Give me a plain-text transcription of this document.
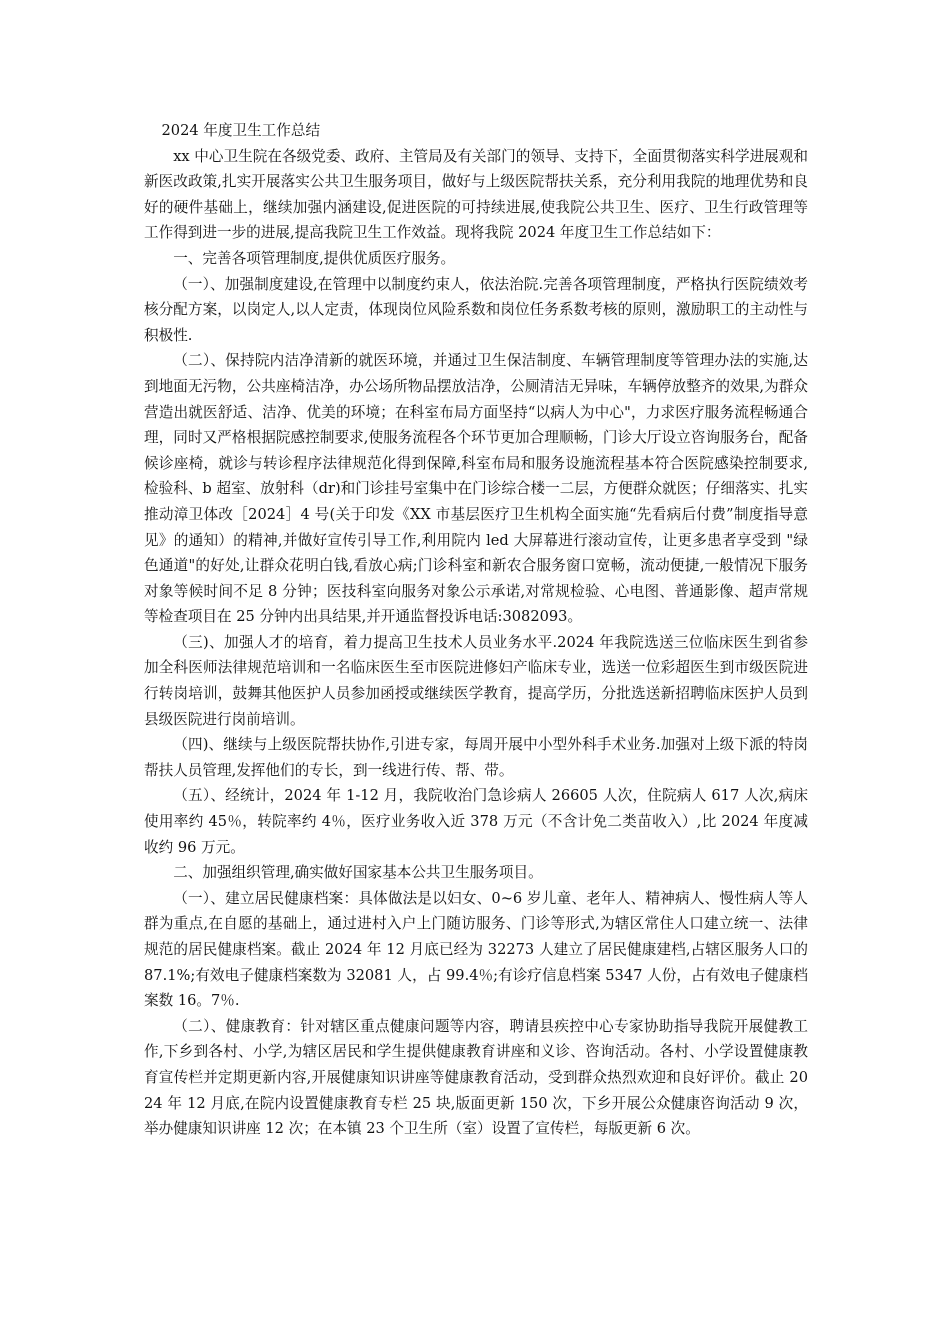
2024 年度卫生工作总结

xx 中心卫生院在各级党委、政府、主管局及有关部门的领导、支持下，全面贯彻落实科学进展观和新医改政策,扎实开展落实公共卫生服务项目，做好与上级医院帮扶关系，充分利用我院的地理优势和良好的硬件基础上，继续加强内涵建设,促进医院的可持续进展,使我院公共卫生、医疗、卫生行政管理等工作得到进一步的进展,提高我院卫生工作效益。现将我院 2024 年度卫生工作总结如下：

一、完善各项管理制度,提供优质医疗服务。

（一）、加强制度建设,在管理中以制度约束人，依法治院.完善各项管理制度，严格执行医院绩效考核分配方案，以岗定人,以人定责，体现岗位风险系数和岗位任务系数考核的原则，激励职工的主动性与积极性.

（二）、保持院内洁净清新的就医环境，并通过卫生保洁制度、车辆管理制度等管理办法的实施,达到地面无污物，公共座椅洁净，办公场所物品摆放洁净，公厕清洁无异味，车辆停放整齐的效果,为群众营造出就医舒适、洁净、优美的环境；在科室布局方面坚持“以病人为中心"，力求医疗服务流程畅通合理，同时又严格根据院感控制要求,使服务流程各个环节更加合理顺畅，门诊大厅设立咨询服务台，配备候诊座椅，就诊与转诊程序法律规范化得到保障,科室布局和服务设施流程基本符合医院感染控制要求,检验科、b 超室、放射科（dr)和门诊挂号室集中在门诊综合楼一二层，方便群众就医；仔细落实、扎实推动漳卫体改［2024］4 号(关于印发《XX 市基层医疗卫生机构全面实施“先看病后付费”制度指导意见》的通知）的精神,并做好宣传引导工作,利用院内 led 大屏幕进行滚动宣传，让更多患者享受到 "绿色通道"的好处,让群众花明白钱,看放心病;门诊科室和新农合服务窗口宽畅，流动便捷,一般情况下服务对象等候时间不足 8 分钟；医技科室向服务对象公示承诺,对常规检验、心电图、普通影像、超声常规等检查项目在 25 分钟内出具结果,并开通监督投诉电话:3082093。

（三)、加强人才的培育，着力提高卫生技术人员业务水平.2024 年我院选送三位临床医生到省参加全科医师法律规范培训和一名临床医生至市医院进修妇产临床专业，选送一位彩超医生到市级医院进行转岗培训，鼓舞其他医护人员参加函授或继续医学教育，提高学历，分批选送新招聘临床医护人员到县级医院进行岗前培训。

（四)、继续与上级医院帮扶协作,引进专家，每周开展中小型外科手术业务.加强对上级下派的特岗帮扶人员管理,发挥他们的专长，到一线进行传、帮、带。

（五）、经统计，2024 年 1-12 月，我院收治门急诊病人 26605 人次，住院病人 617 人次,病床使用率约 45％，转院率约 4％，医疗业务收入近 378 万元（不含计免二类苗收入）,比 2024 年度减收约 96 万元。

二、加强组织管理,确实做好国家基本公共卫生服务项目。

（一）、建立居民健康档案：具体做法是以妇女、0~6 岁儿童、老年人、精神病人、慢性病人等人群为重点,在自愿的基础上，通过进村入户上门随访服务、门诊等形式,为辖区常住人口建立统一、法律规范的居民健康档案。截止 2024 年 12 月底已经为 32273 人建立了居民健康建档,占辖区服务人口的 87.1%;有效电子健康档案数为 32081 人，占 99.4％;有诊疗信息档案 5347 人份，占有效电子健康档案数 16。7％.

（二）、健康教育：针对辖区重点健康问题等内容，聘请县疾控中心专家协助指导我院开展健教工作,下乡到各村、小学,为辖区居民和学生提供健康教育讲座和义诊、咨询活动。各村、小学设置健康教育宣传栏并定期更新内容,开展健康知识讲座等健康教育活动，受到群众热烈欢迎和良好评价。截止 2024 年 12 月底,在院内设置健康教育专栏 25 块,版面更新 150 次，下乡开展公众健康咨询活动 9 次，举办健康知识讲座 12 次；在本镇 23 个卫生所（室）设置了宣传栏，每版更新 6 次。
